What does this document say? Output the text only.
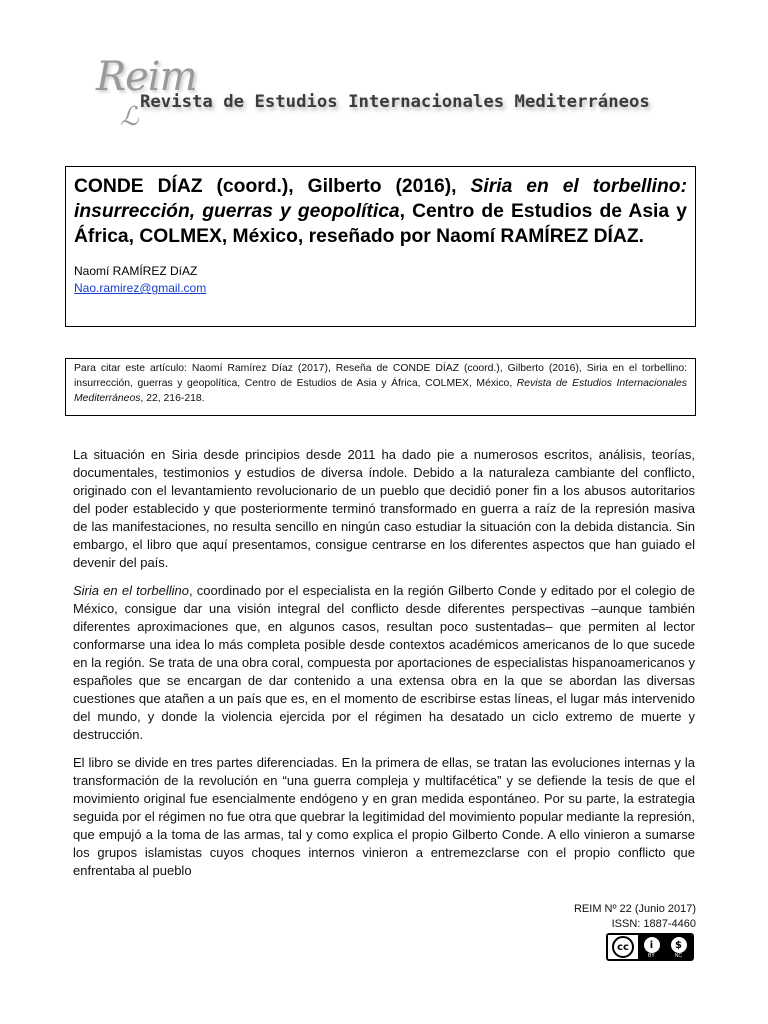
Reim
ℒ Revista de Estudios Internacionales Mediterráneos

CONDE DÍAZ (coord.), Gilberto (2016), Siria en el torbellino: insurrección, guerras y geopolítica, Centro de Estudios de Asia y África, COLMEX, México, reseñado por Naomí RAMÍREZ DÍAZ.

Naomí RAMÍREZ DíAZ
Nao.ramirez@gmail.com

Para citar este artículo: Naomí Ramírez Díaz (2017), Reseña de CONDE DÍAZ (coord.), Gilberto (2016), Siria en el torbellino: insurrección, guerras y geopolítica, Centro de Estudios de Asia y África, COLMEX, México, Revista de Estudios Internacionales Mediterráneos, 22, 216-218.

La situación en Siria desde principios desde 2011 ha dado pie a numerosos escritos, análisis, teorías, documentales, testimonios y estudios de diversa índole. Debido a la naturaleza cambiante del conflicto, originado con el levantamiento revolucionario de un pueblo que decidió poner fin a los abusos autoritarios del poder establecido y que posteriormente terminó transformado en guerra a raíz de la represión masiva de las manifestaciones, no resulta sencillo en ningún caso estudiar la situación con la debida distancia. Sin embargo, el libro que aquí presentamos, consigue centrarse en los diferentes aspectos que han guiado el devenir del país.

Siria en el torbellino, coordinado por el especialista en la región Gilberto Conde y editado por el colegio de México, consigue dar una visión integral del conflicto desde diferentes perspectivas ‒aunque también diferentes aproximaciones que, en algunos casos, resultan poco sustentadas‒ que permiten al lector conformarse una idea lo más completa posible desde contextos académicos americanos de lo que sucede en la región. Se trata de una obra coral, compuesta por aportaciones de especialistas hispanoamericanos y españoles que se encargan de dar contenido a una extensa obra en la que se abordan las diversas cuestiones que atañen a un país que es, en el momento de escribirse estas líneas, el lugar más intervenido del mundo, y donde la violencia ejercida por el régimen ha desatado un ciclo extremo de muerte y destrucción.

El libro se divide en tres partes diferenciadas. En la primera de ellas, se tratan las evoluciones internas y la transformación de la revolución en “una guerra compleja y multifacética” y se defiende la tesis de que el movimiento original fue esencialmente endógeno y en gran medida espontáneo. Por su parte, la estrategia seguida por el régimen no fue otra que quebrar la legitimidad del movimiento popular mediante la represión, que empujó a la toma de las armas, tal y como explica el propio Gilberto Conde. A ello vinieron a sumarse los grupos islamistas cuyos choques internos vinieron a entremezclarse con el propio conflicto que enfrentaba al pueblo

REIM Nº 22 (Junio 2017)
ISSN: 1887-4460
cc	i	$
BY	NC
